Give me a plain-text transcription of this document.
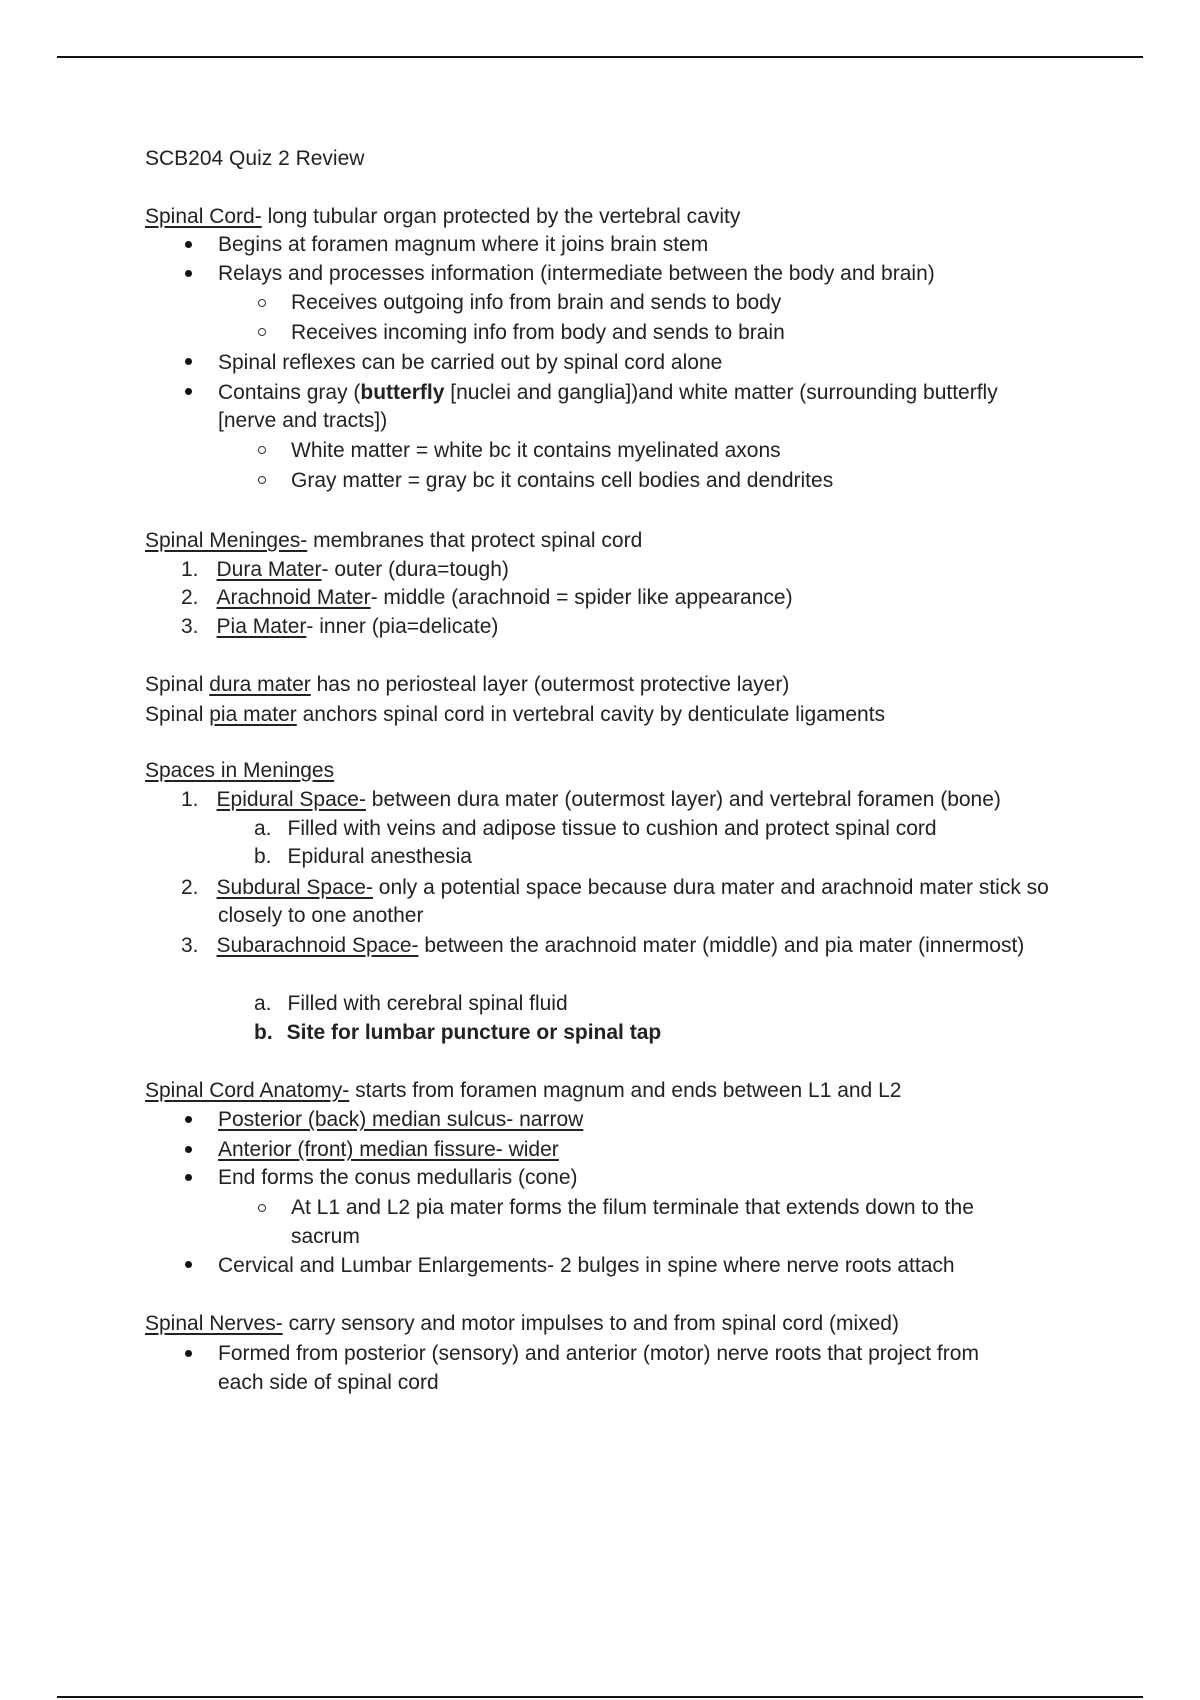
SCB204 Quiz 2 Review
Spinal Cord- long tubular organ protected by the vertebral cavity
Begins at foramen magnum where it joins brain stem
Relays and processes information (intermediate between the body and brain)
Receives outgoing info from brain and sends to body
Receives incoming info from body and sends to brain
Spinal reflexes can be carried out by spinal cord alone
Contains gray (butterfly [nuclei and ganglia])and white matter (surrounding butterfly
[nerve and tracts])
White matter = white bc it contains myelinated axons
Gray matter = gray bc it contains cell bodies and dendrites
Spinal Meninges- membranes that protect spinal cord
1. Dura Mater- outer (dura=tough)
2. Arachnoid Mater- middle (arachnoid = spider like appearance)
3. Pia Mater- inner (pia=delicate)
Spinal dura mater has no periosteal layer (outermost protective layer)
Spinal pia mater anchors spinal cord in vertebral cavity by denticulate ligaments
Spaces in Meninges
1. Epidural Space- between dura mater (outermost layer) and vertebral foramen (bone)
a. Filled with veins and adipose tissue to cushion and protect spinal cord
b. Epidural anesthesia
2. Subdural Space- only a potential space because dura mater and arachnoid mater stick so
closely to one another
3. Subarachnoid Space- between the arachnoid mater (middle) and pia mater (innermost)
a. Filled with cerebral spinal fluid
b. Site for lumbar puncture or spinal tap
Spinal Cord Anatomy- starts from foramen magnum and ends between L1 and L2
Posterior (back) median sulcus- narrow
Anterior (front) median fissure- wider
End forms the conus medullaris (cone)
At L1 and L2 pia mater forms the filum terminale that extends down to the
sacrum
Cervical and Lumbar Enlargements- 2 bulges in spine where nerve roots attach
Spinal Nerves- carry sensory and motor impulses to and from spinal cord (mixed)
Formed from posterior (sensory) and anterior (motor) nerve roots that project from
each side of spinal cord
